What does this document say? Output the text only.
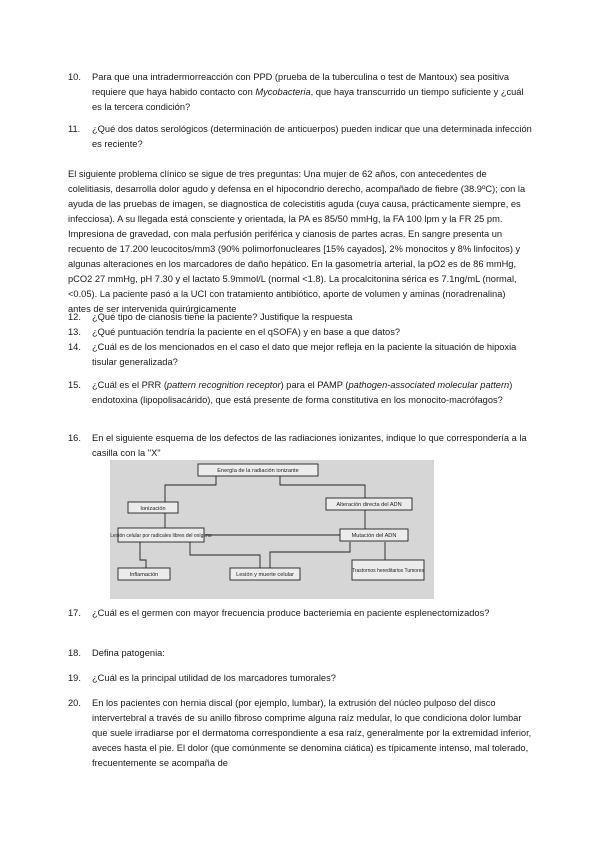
10. Para que una intradermorreacción con PPD (prueba de la tuberculina o test de Mantoux) sea positiva requiere que haya habido contacto con Mycobacteria, que haya transcurrido un tiempo suficiente y ¿cuál es la tercera condición?

11. ¿Qué dos datos serológicos (determinación de anticuerpos) pueden indicar que una determinada infección es reciente?

El siguiente problema clínico se sigue de tres preguntas: Una mujer de 62 años, con antecedentes de colelitiasis, desarrolla dolor agudo y defensa en el hipocondrio derecho, acompañado de fiebre (38.9ºC); con la ayuda de las pruebas de imagen, se diagnostica de colecistitis aguda (cuya causa, prácticamente siempre, es infecciosa). A su llegada está consciente y orientada, la PA es 85/50 mmHg, la FA 100 lpm y la FR 25 pm. Impresiona de gravedad, con mala perfusión periférica y cianosis de partes acras. En sangre presenta un recuento de 17.200 leucocitos/mm3 (90% polimorfonucleares [15% cayados], 2% monocitos y 8% linfocitos) y algunas alteraciones en los marcadores de daño hepático. En la gasometría arterial, la pO2 es de 86 mmHg, pCO2 27 mmHg, pH 7.30 y el lactato 5.9mmol/L (normal <1.8). La procalcitonina sérica es 7.1ng/mL (normal, <0.05). La paciente pasó a la UCI con tratamiento antibiótico, aporte de volumen y aminas (noradrenalina) antes de ser intervenida quirúrgicamente

12. ¿Qué tipo de cianosis tiene la paciente? Justifique la respuesta

13. ¿Qué puntuación tendría la paciente en el qSOFA) y en base a que datos?

14. ¿Cuál es de los mencionados en el caso el dato que mejor refleja en la paciente la situación de hipoxia tisular generalizada?

15. ¿Cuál es el PRR (pattern recognition receptor) para el PAMP (pathogen-associated molecular pattern) endotoxina (lipopolisacárido), que está presente de forma constitutiva en los monocito-macrófagos?

16. En el siguiente esquema de los defectos de las radiaciones ionizantes, indique lo que correspondería a la casilla con la "X"

Energía de la radiación ionizante
Ionización
Alteración directa del ADN
Lesión celular por radicales libres del oxígeno	Mutación del ADN
Inflamación	Lesión y muerte celular
Trastornos hereditarios Tumores
17. ¿Cuál es el germen con mayor frecuencia produce bacteriemia en paciente esplenectomizados?

18. Defina patogenia:

19. ¿Cuál es la principal utilidad de los marcadores tumorales?

20. En los pacientes con hernia discal (por ejemplo, lumbar), la extrusión del núcleo pulposo del disco intervertebral a través de su anillo fibroso comprime alguna raíz medular, lo que condiciona dolor lumbar que suele irradiarse por el dermatoma correspondiente a esa raíz, generalmente por la extremidad inferior, aveces hasta el pie. El dolor (que comúnmente se denomina ciática) es típicamente intenso, mal tolerado, frecuentemente se acompaña de
